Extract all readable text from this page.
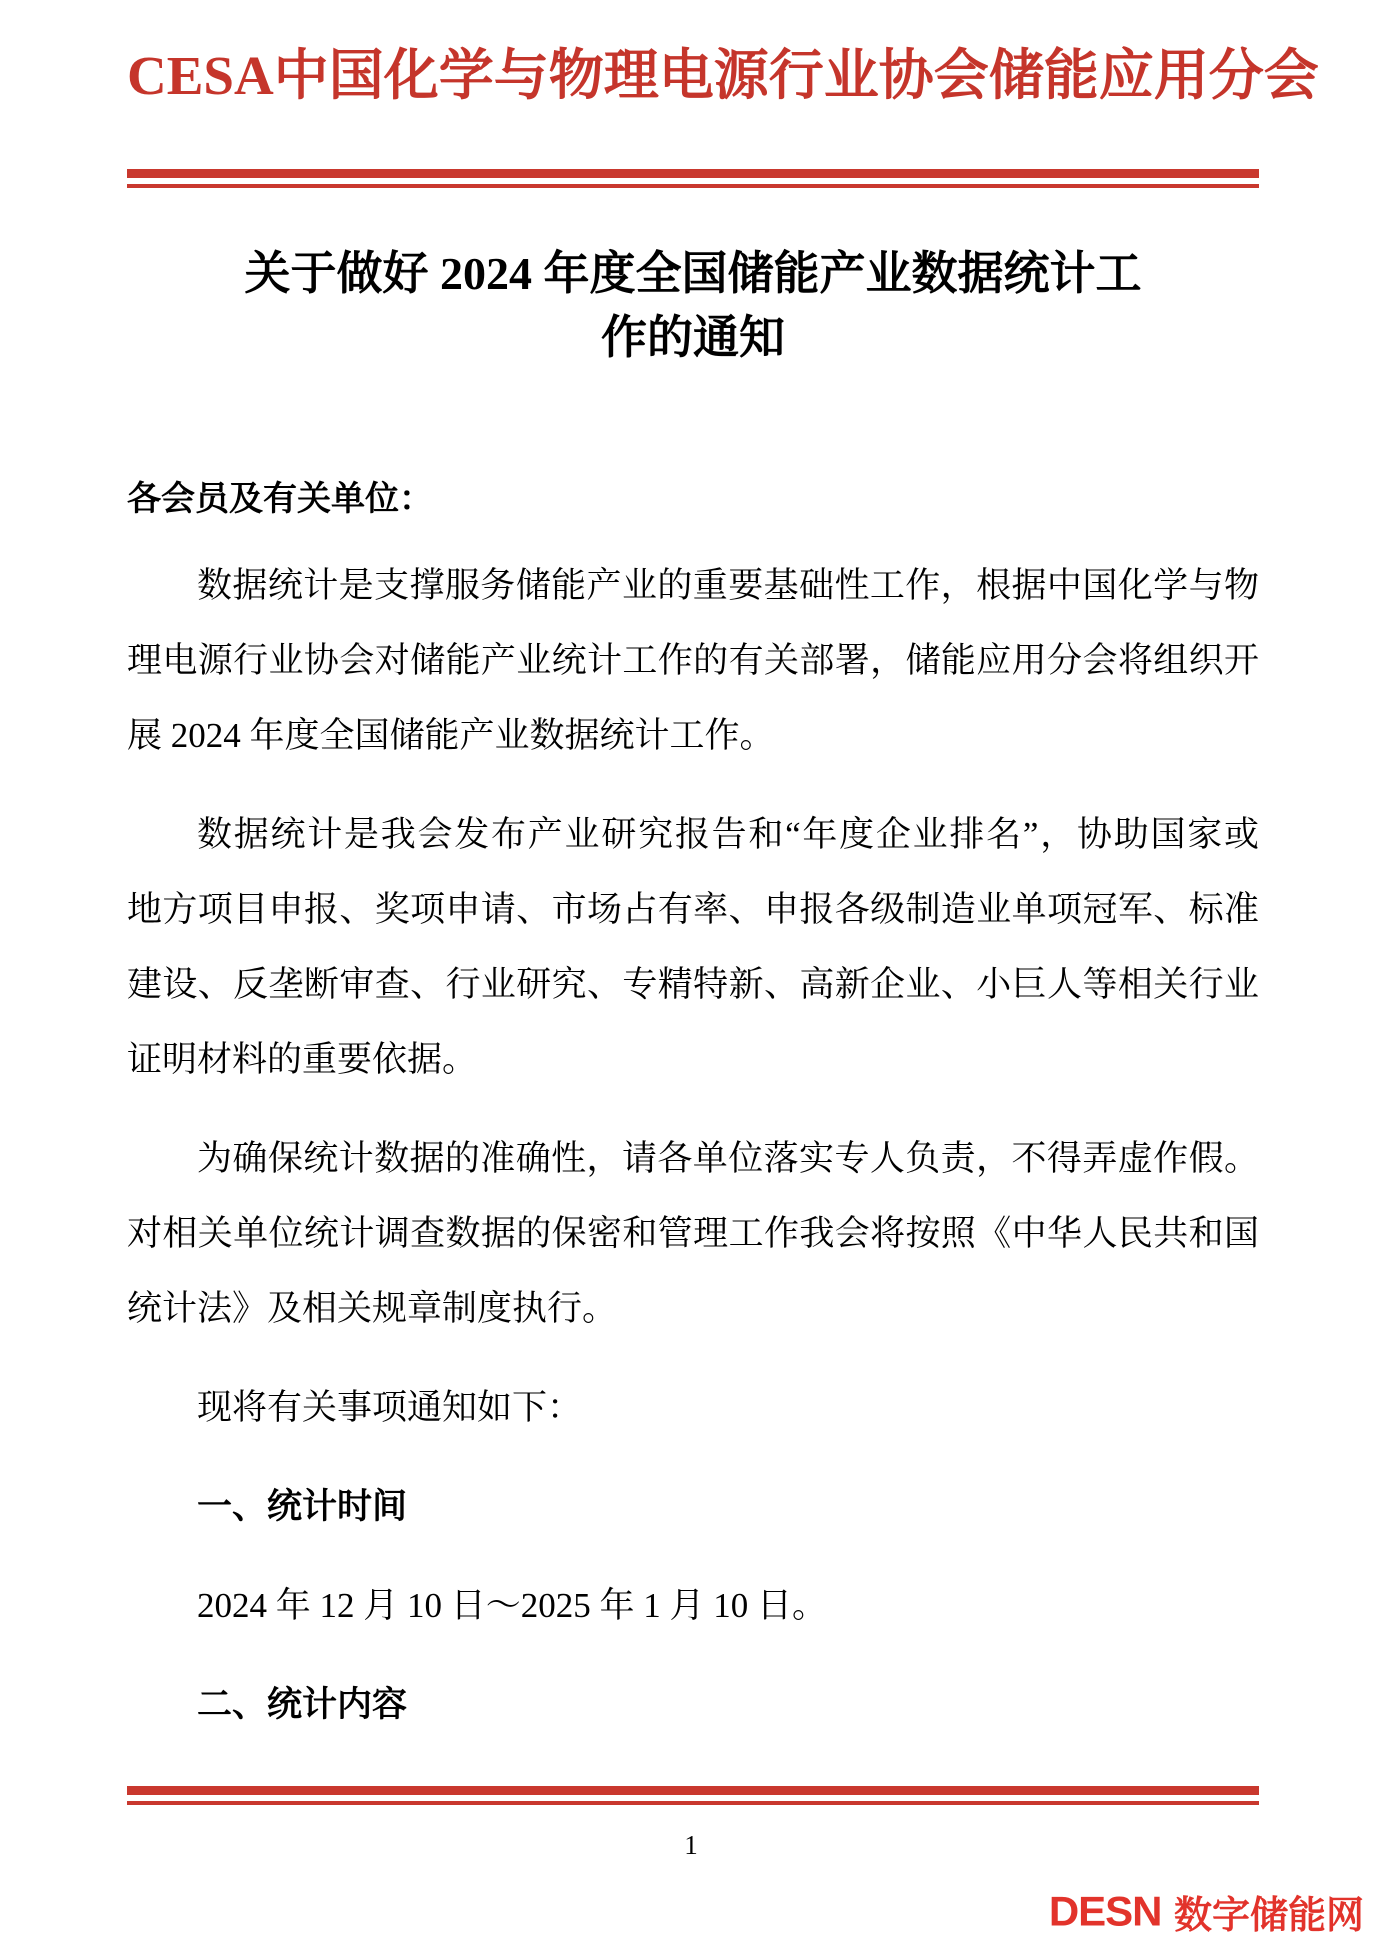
CESA中国化学与物理电源行业协会储能应用分会
关于做好 2024 年度全国储能产业数据统计工
作的通知
各会员及有关单位：
数据统计是支撑服务储能产业的重要基础性工作，根据中国化学与物
理电源行业协会对储能产业统计工作的有关部署，储能应用分会将组织开
展 2024 年度全国储能产业数据统计工作。
数据统计是我会发布产业研究报告和“年度企业排名”，协助国家或
地方项目申报、奖项申请、市场占有率、申报各级制造业单项冠军、标准
建设、反垄断审查、行业研究、专精特新、高新企业、小巨人等相关行业
证明材料的重要依据。
为确保统计数据的准确性，请各单位落实专人负责，不得弄虚作假。
对相关单位统计调查数据的保密和管理工作我会将按照《中华人民共和国
统计法》及相关规章制度执行。
现将有关事项通知如下：
一、统计时间
2024 年 12 月 10 日～2025 年 1 月 10 日。
二、统计内容
1
DESN 数字储能网
